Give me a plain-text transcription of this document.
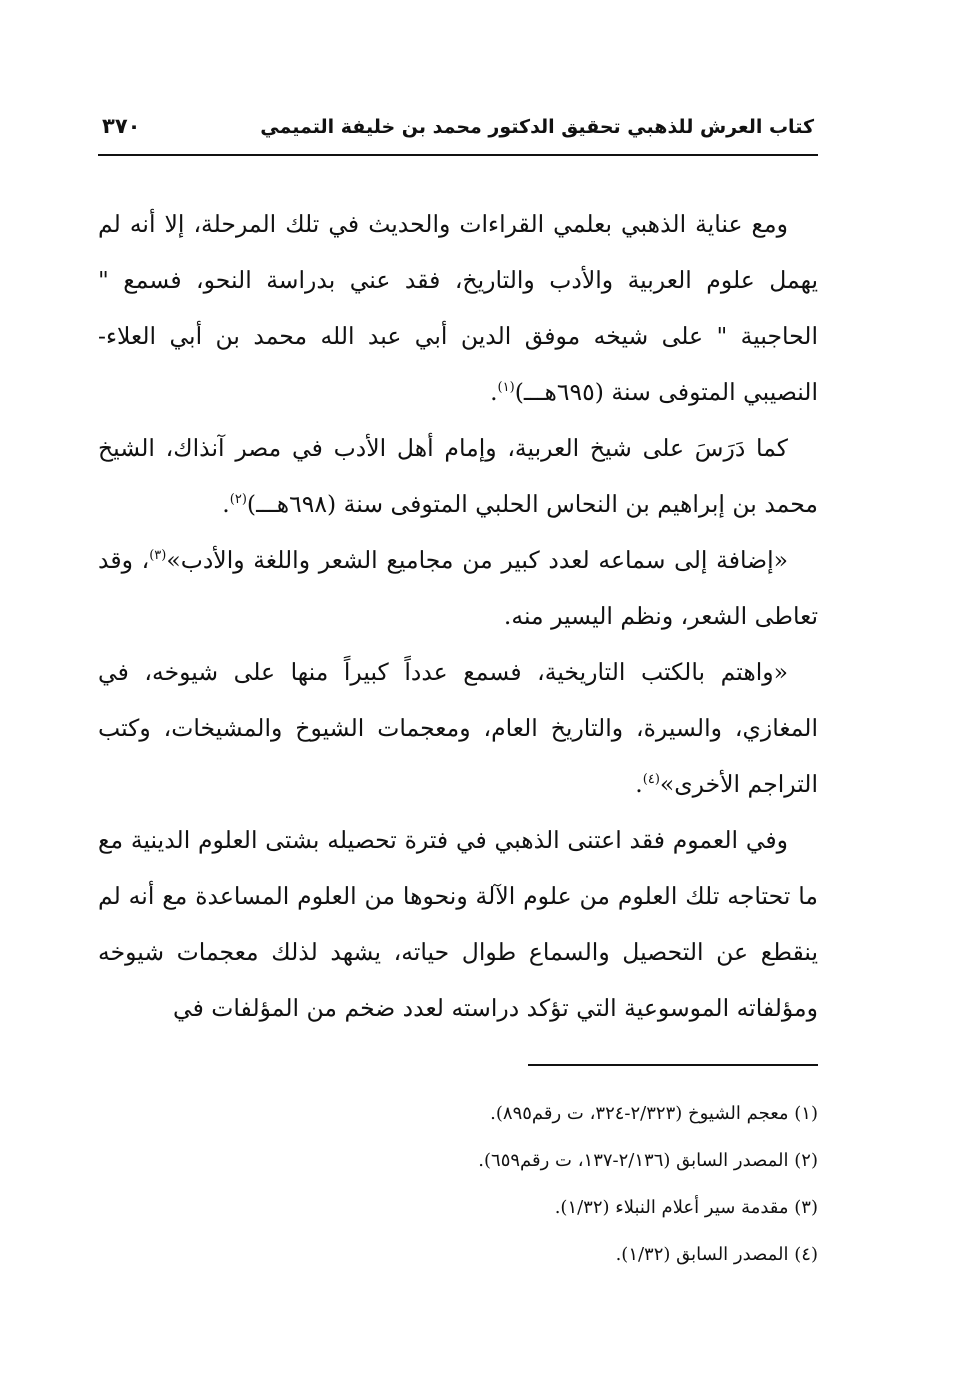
كتاب العرش للذهبي تحقيق الدكتور محمد بن خليفة التميمي
٣٧٠

ومع عناية الذهبي بعلمي القراءات والحديث في تلك المرحلة، إلا أنه لم يهمل علوم العربية والأدب والتاريخ، فقد عني بدراسة النحو، فسمع " الحاجبية " على شيخه موفق الدين أبي عبد الله محمد بن أبي العلاء- النصيبي المتوفى سنة (٦٩٥هـــ)$^{(١)}$.

كما دَرَسَ على شيخ العربية، وإمام أهل الأدب في مصر آنذاك، الشيخ محمد بن إبراهيم بن النحاس الحلبي المتوفى سنة (٦٩٨هـــ)$^{(٢)}$.

«إضافة إلى سماعه لعدد كبير من مجاميع الشعر واللغة والأدب»$^{(٣)}$، وقد تعاطى الشعر، ونظم اليسير منه.

«واهتم بالكتب التاريخية، فسمع عدداً كبيراً منها على شيوخه، في المغازي، والسيرة، والتاريخ العام، ومعجمات الشيوخ والمشيخات، وكتب التراجم الأخرى»$^{(٤)}$.

وفي العموم فقد اعتنى الذهبي في فترة تحصيله بشتى العلوم الدينية مع ما تحتاجه تلك العلوم من علوم الآلة ونحوها من العلوم المساعدة مع أنه لم ينقطع عن التحصيل والسماع طوال حياته، يشهد لذلك معجمات شيوخه ومؤلفاته الموسوعية التي تؤكد دراسته لعدد ضخم من المؤلفات في

(١) معجم الشيوخ (٢/٣٢٣-٣٢٤، ت رقم٨٩٥).
(٢) المصدر السابق (٢/١٣٦-١٣٧، ت رقم٦٥٩).
(٣) مقدمة سير أعلام النبلاء (١/٣٢).
(٤) المصدر السابق (١/٣٢).
